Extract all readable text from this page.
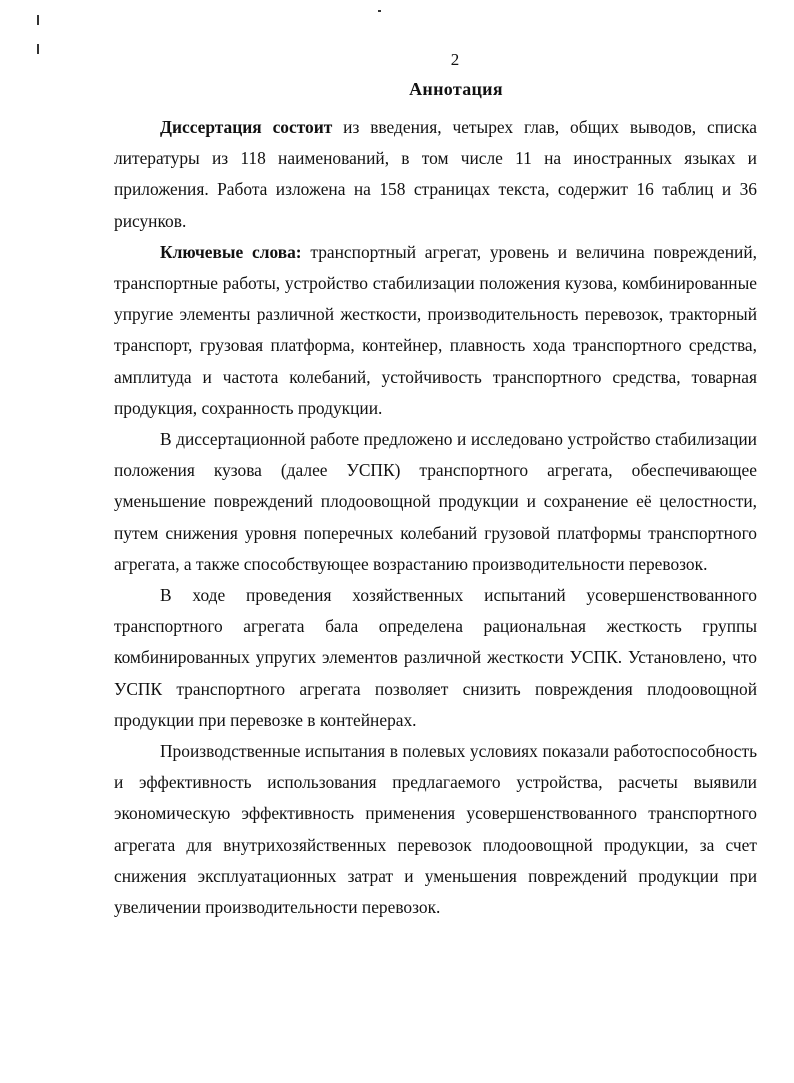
2
Аннотация

Диссертация состоит из введения, четырех глав, общих выводов, списка литературы из 118 наименований, в том числе 11 на иностранных языках и приложения. Работа изложена на 158 страницах текста, содержит 16 таблиц и 36 рисунков.

Ключевые слова: транспортный агрегат, уровень и величина повреждений, транспортные работы, устройство стабилизации положения кузова, комбинированные упругие элементы различной жесткости, производительность перевозок, тракторный транспорт, грузовая платформа, контейнер, плавность хода транспортного средства, амплитуда и частота колебаний, устойчивость транспортного средства, товарная продукция, сохранность продукции.

В диссертационной работе предложено и исследовано устройство стабилизации положения кузова (далее УСПК) транспортного агрегата, обеспечивающее уменьшение повреждений плодоовощной продукции и сохранение её целостности, путем снижения уровня поперечных колебаний грузовой платформы транспортного агрегата, а также способствующее возрастанию производительности перевозок.

В ходе проведения хозяйственных испытаний усовершенствованного транспортного агрегата бала определена рациональная жесткость группы комбинированных упругих элементов различной жесткости УСПК. Установлено, что УСПК транспортного агрегата позволяет снизить повреждения плодоовощной продукции при перевозке в контейнерах.

Производственные испытания в полевых условиях показали работоспособность и эффективность использования предлагаемого устройства, расчеты выявили экономическую эффективность применения усовершенствованного транспортного агрегата для внутрихозяйственных перевозок плодоовощной продукции, за счет снижения эксплуатационных затрат и уменьшения повреждений продукции при увеличении производительности перевозок.
